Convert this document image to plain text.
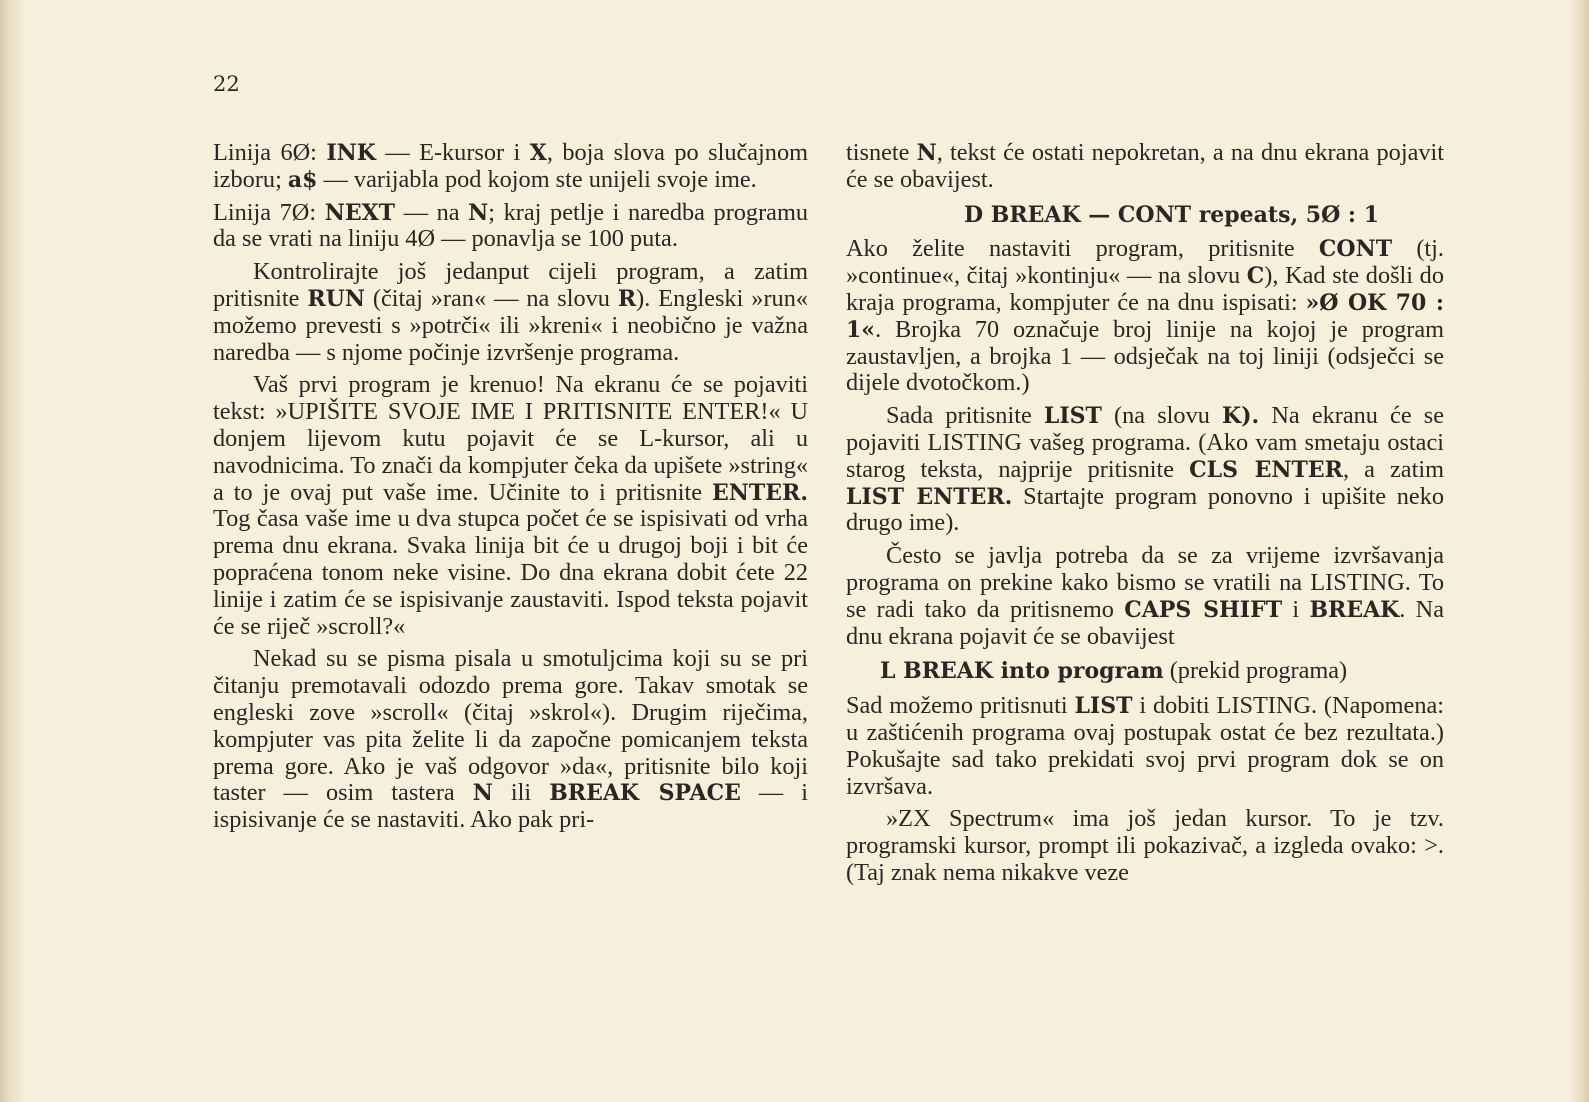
22

Linija 6Ø: INK — E-kursor i X, boja slova po slučajnom izboru; a$ — varijabla pod kojom ste unijeli svoje ime.

Linija 7Ø: NEXT — na N; kraj petlje i naredba programu da se vrati na liniju 4Ø — ponavlja se 100 puta.

Kontrolirajte još jedanput cijeli program, a zatim pritisnite RUN (čitaj »ran« — na slovu R). Engleski »run« možemo prevesti s »potrči« ili »kreni« i neobično je važna naredba — s njome počinje izvršenje programa.

Vaš prvi program je krenuo! Na ekranu će se pojaviti tekst: »UPIŠITE SVOJE IME I PRITISNITE ENTER!« U donjem lijevom kutu pojavit će se L-kursor, ali u navodnicima. To znači da kompjuter čeka da upišete »string« a to je ovaj put vaše ime. Učinite to i pritisnite ENTER. Tog časa vaše ime u dva stupca počet će se ispisivati od vrha prema dnu ekrana. Svaka linija bit će u drugoj boji i bit će popraćena tonom neke visine. Do dna ekrana dobit ćete 22 linije i zatim će se ispisivanje zaustaviti. Ispod teksta pojavit će se riječ »scroll?«

Nekad su se pisma pisala u smotuljcima koji su se pri čitanju premotavali odozdo prema gore. Takav smotak se engleski zove »scroll« (čitaj »skrol«). Drugim riječima, kompjuter vas pita želite li da započne pomicanjem teksta prema gore. Ako je vaš odgovor »da«, pritisnite bilo koji taster — osim tastera N ili BREAK SPACE — i ispisivanje će se nastaviti. Ako pak pri-

tisnete N, tekst će ostati nepokretan, a na dnu ekrana pojavit će se obavijest.

D BREAK — CONT repeats, 5Ø : 1

Ako želite nastaviti program, pritisnite CONT (tj. »continue«, čitaj »kontinju« — na slovu C), Kad ste došli do kraja programa, kompjuter će na dnu ispisati: »Ø OK 70 : 1«. Brojka 70 označuje broj linije na kojoj je program zaustavljen, a brojka 1 — odsječak na toj liniji (odsječci se dijele dvotočkom.)

Sada pritisnite LIST (na slovu K). Na ekranu će se pojaviti LISTING vašeg programa. (Ako vam smetaju ostaci starog teksta, najprije pritisnite CLS ENTER, a zatim LIST ENTER. Startajte program ponovno i upišite neko drugo ime).

Često se javlja potreba da se za vrijeme izvršavanja programa on prekine kako bismo se vratili na LISTING. To se radi tako da pritisnemo CAPS SHIFT i BREAK. Na dnu ekrana pojavit će se obavijest

L BREAK into program (prekid programa)

Sad možemo pritisnuti LIST i dobiti LISTING. (Napomena: u zaštićenih programa ovaj postupak ostat će bez rezultata.) Pokušajte sad tako prekidati svoj prvi program dok se on izvršava.

»ZX Spectrum« ima još jedan kursor. To je tzv. programski kursor, prompt ili pokazivač, a izgleda ovako: >. (Taj znak nema nikakve veze
